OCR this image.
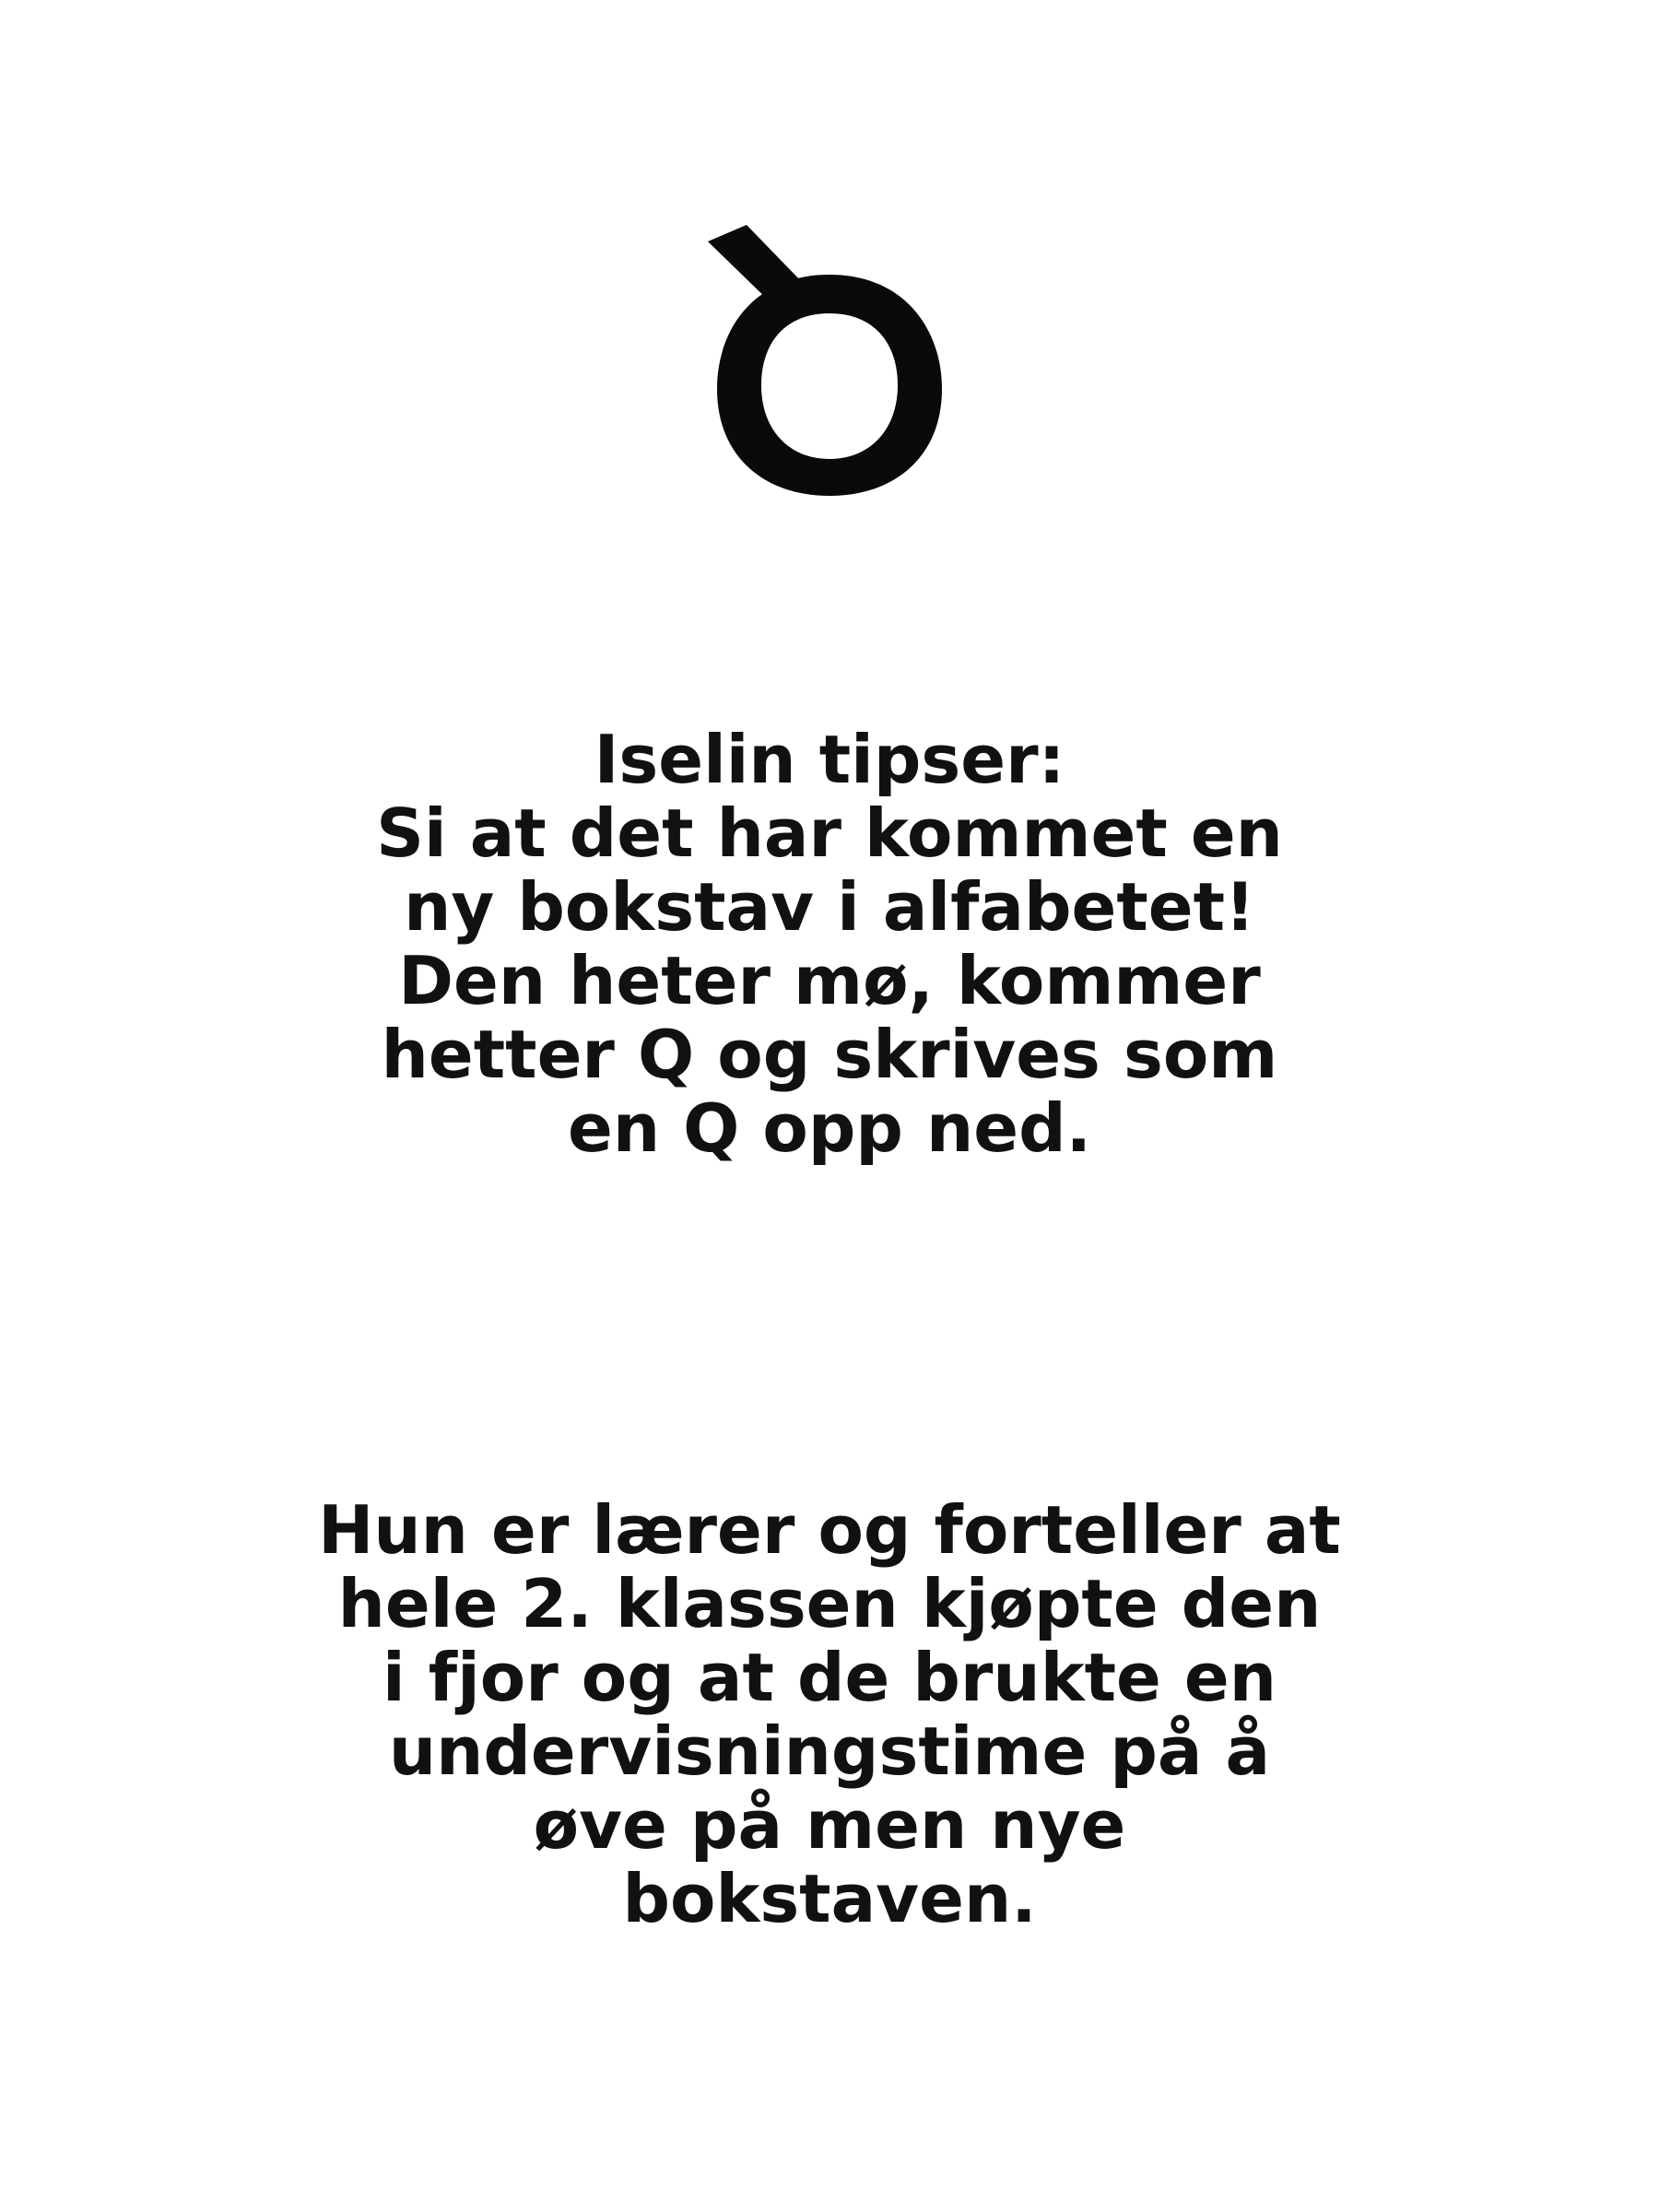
Iselin tipser:
Si at det har kommet en
ny bokstav i alfabetet!
Den heter mø, kommer
hetter Q og skrives som
en Q opp ned.
Hun er lærer og forteller at
hele 2. klassen kjøpte den
i fjor og at de brukte en
undervisningstime på å
øve på men nye
bokstaven.
